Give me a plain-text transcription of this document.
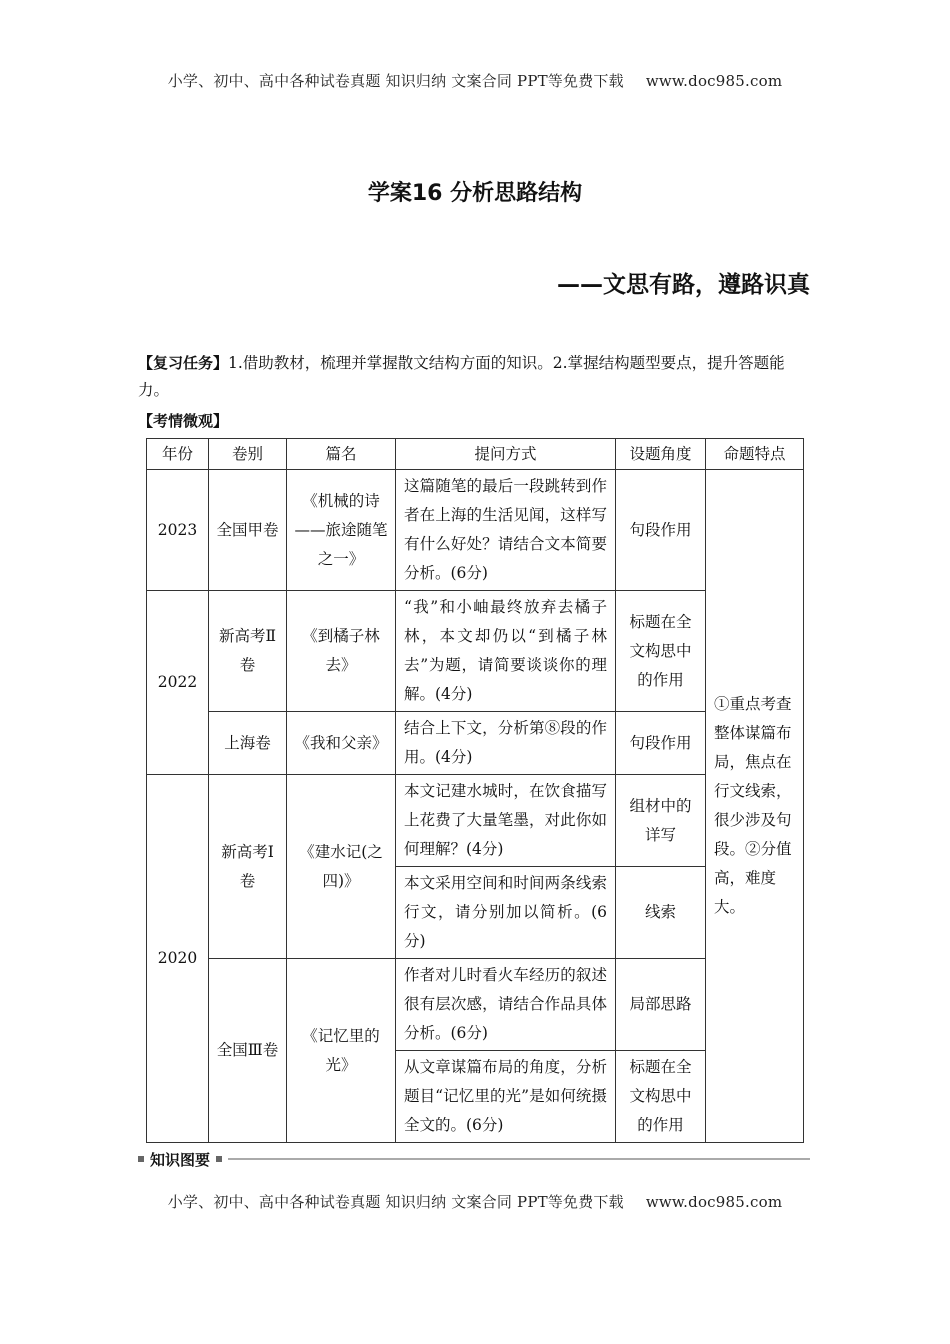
小学、初中、高中各种试卷真题 知识归纳 文案合同 PPT等免费下载 www.doc985.com
学案16 分析思路结构
——文思有路，遵路识真
【复习任务】1.借助教材，梳理并掌握散文结构方面的知识。2.掌握结构题型要点，提升答题能力。
【考情微观】
年份	卷别	篇名	提问方式	设题角度	命题特点
2023	全国甲卷	《机械的诗——旅途随笔之一》	这篇随笔的最后一段跳转到作者在上海的生活见闻，这样写有什么好处？请结合文本简要分析。(6分)	句段作用	①重点考查整体谋篇布局，焦点在行文线索，很少涉及句段。②分值高，难度大。
2022	新高考Ⅱ卷	《到橘子林去》	“我”和小岫最终放弃去橘子林，本文却仍以“到橘子林去”为题，请简要谈谈你的理解。(4分)	标题在全文构思中的作用	
	上海卷	《我和父亲》	结合上下文，分析第⑧段的作用。(4分)	句段作用	
2020	新高考Ⅰ卷	《建水记(之四)》	本文记建水城时，在饮食描写上花费了大量笔墨，对此你如何理解？(4分)	组材中的详写	
			本文采用空间和时间两条线索行文，请分别加以简析。(6分)	线索	
	全国Ⅲ卷	《记忆里的光》	作者对儿时看火车经历的叙述很有层次感，请结合作品具体分析。(6分)	局部思路	
			从文章谋篇布局的角度，分析题目“记忆里的光”是如何统摄全文的。(6分)	标题在全文构思中的作用	
知识图要
小学、初中、高中各种试卷真题 知识归纳 文案合同 PPT等免费下载 www.doc985.com
